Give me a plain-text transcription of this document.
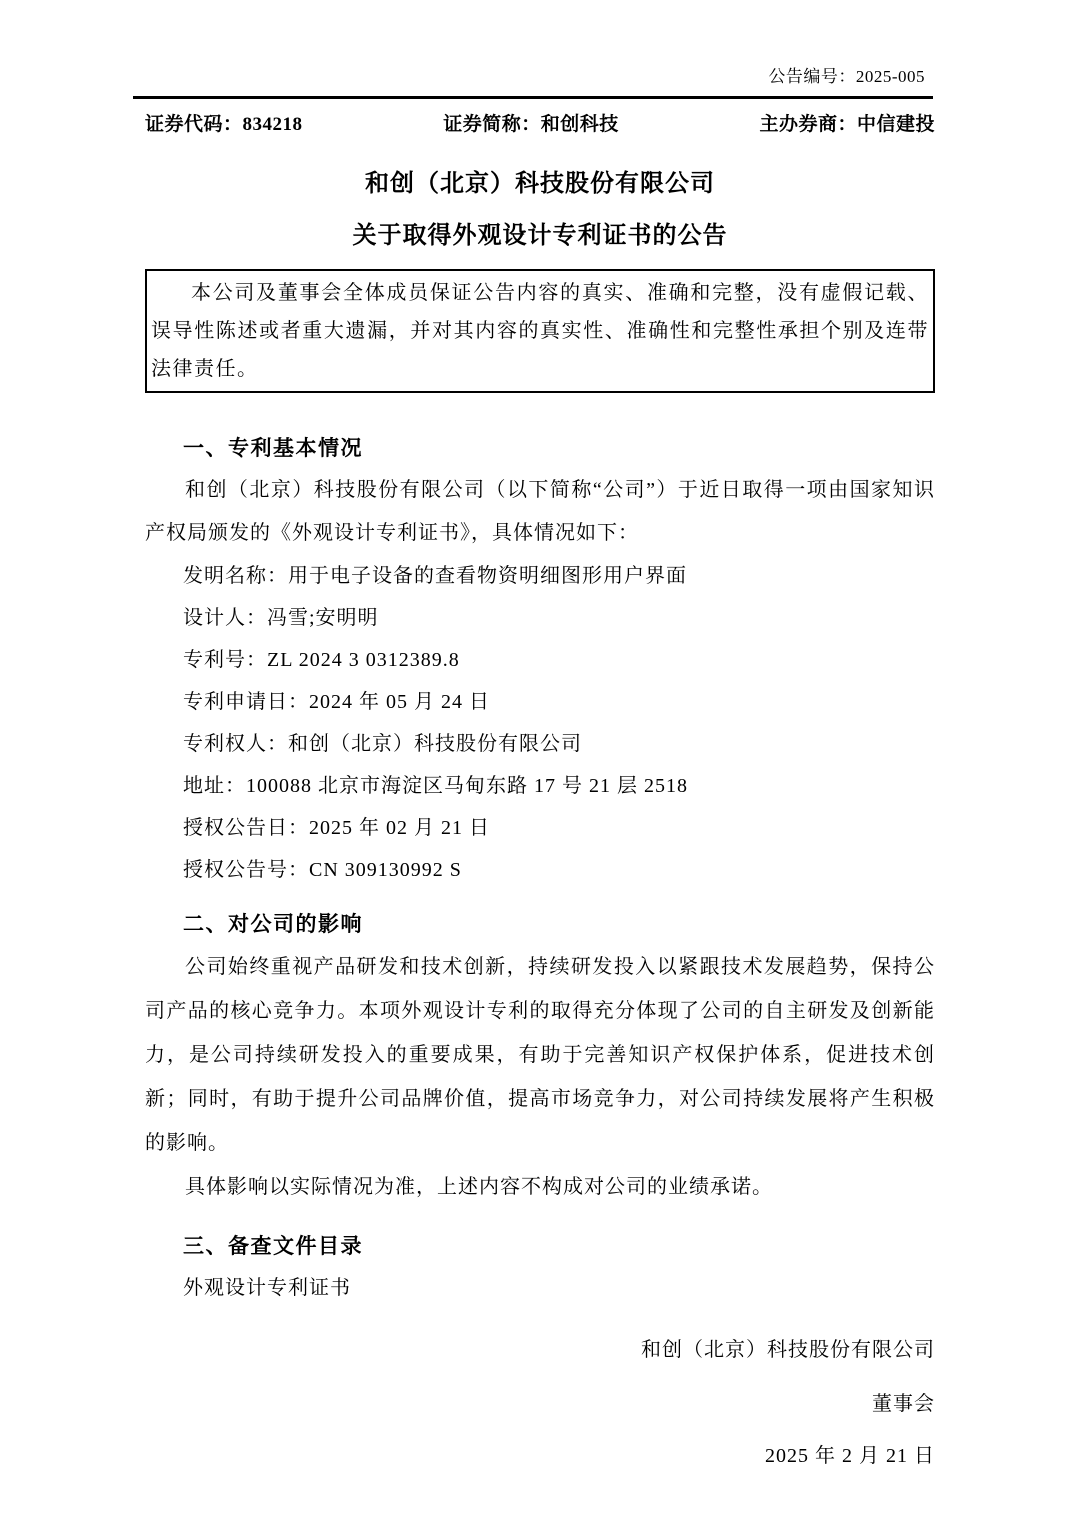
公告编号：2025-005
证券代码：834218	证券简称：和创科技	主办券商：中信建投
和创（北京）科技股份有限公司
关于取得外观设计专利证书的公告
本公司及董事会全体成员保证公告内容的真实、准确和完整，没有虚假记载、误导性陈述或者重大遗漏，并对其内容的真实性、准确性和完整性承担个别及连带法律责任。
一、专利基本情况

和创（北京）科技股份有限公司（以下简称“公司”）于近日取得一项由国家知识产权局颁发的《外观设计专利证书》，具体情况如下：

发明名称：用于电子设备的查看物资明细图形用户界面
设计人：冯雪;安明明
专利号：ZL 2024 3 0312389.8
专利申请日：2024 年 05 月 24 日
专利权人：和创（北京）科技股份有限公司
地址：100088 北京市海淀区马甸东路 17 号 21 层 2518
授权公告日：2025 年 02 月 21 日
授权公告号：CN 309130992 S
二、对公司的影响

公司始终重视产品研发和技术创新，持续研发投入以紧跟技术发展趋势，保持公司产品的核心竞争力。本项外观设计专利的取得充分体现了公司的自主研发及创新能力，是公司持续研发投入的重要成果，有助于完善知识产权保护体系，促进技术创新；同时，有助于提升公司品牌价值，提高市场竞争力，对公司持续发展将产生积极的影响。

具体影响以实际情况为准，上述内容不构成对公司的业绩承诺。

三、备查文件目录
外观设计专利证书
和创（北京）科技股份有限公司
董事会
2025 年 2 月 21 日
